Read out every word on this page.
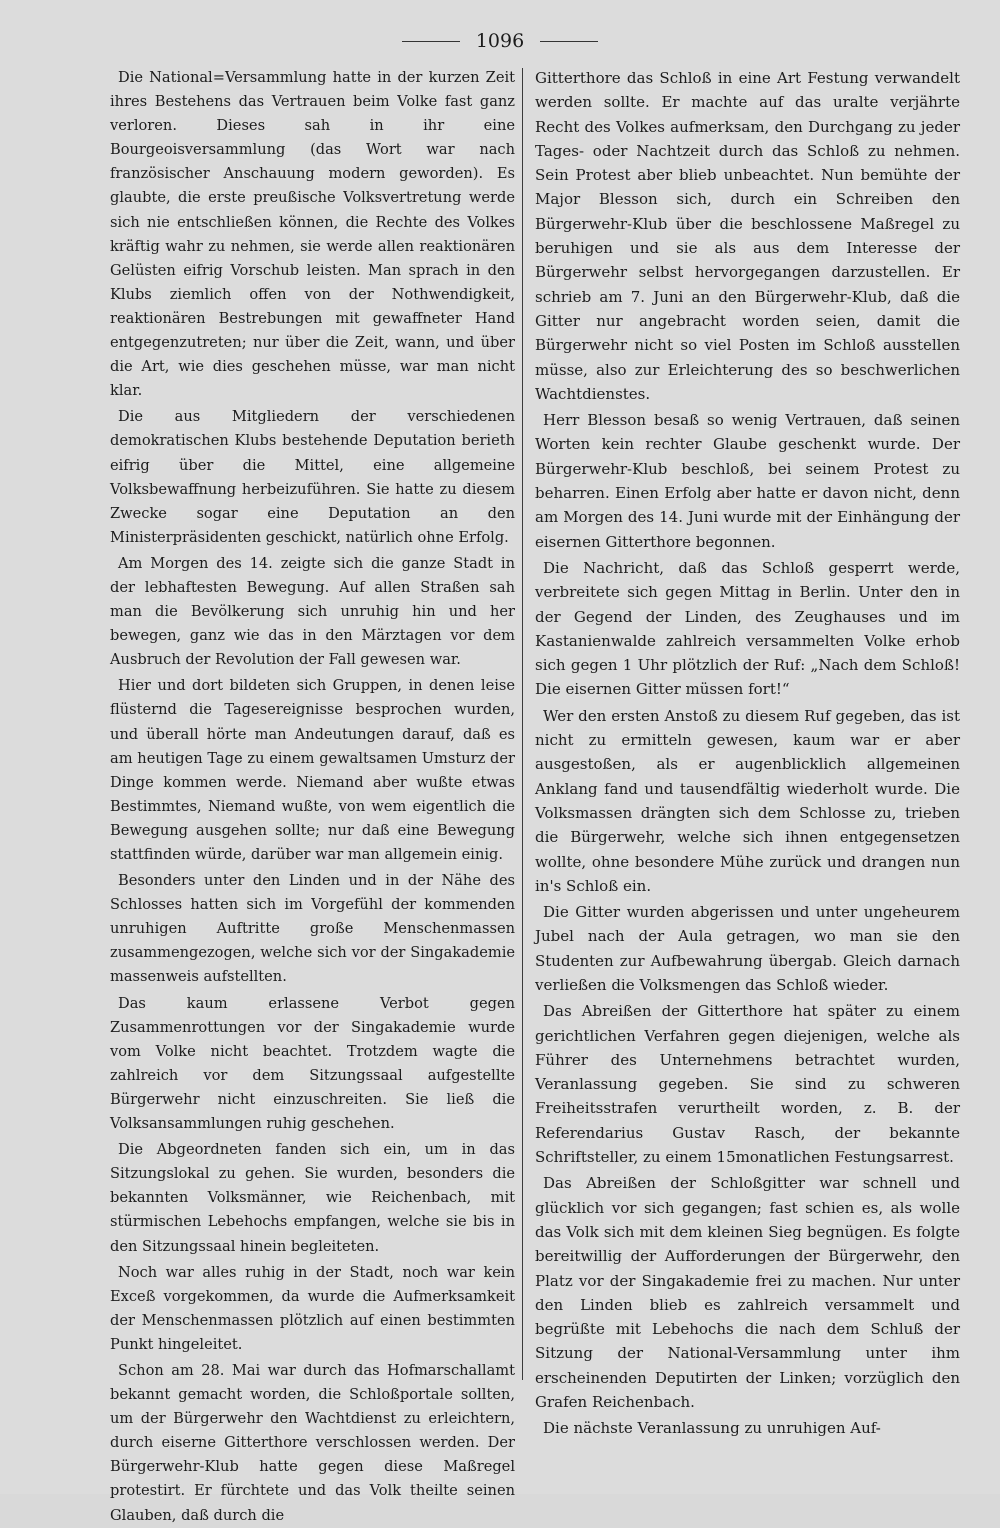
1096

Die National=Versammlung hatte in der kurzen Zeit ihres Bestehens das Vertrauen beim Volke fast ganz verloren. Dieses sah in ihr eine Bourgeoisversammlung (das Wort war nach französischer Anschauung modern geworden). Es glaubte, die erste preußische Volksvertretung werde sich nie entschließen können, die Rechte des Volkes kräftig wahr zu nehmen, sie werde allen reaktionären Gelüsten eifrig Vorschub leisten. Man sprach in den Klubs ziemlich offen von der Nothwendigkeit, reaktionären Bestrebungen mit gewaffneter Hand entgegenzutreten; nur über die Zeit, wann, und über die Art, wie dies geschehen müsse, war man nicht klar.

Die aus Mitgliedern der verschiedenen demokratischen Klubs bestehende Deputation berieth eifrig über die Mittel, eine allgemeine Volksbewaffnung herbeizuführen. Sie hatte zu diesem Zwecke sogar eine Deputation an den Ministerpräsidenten geschickt, natürlich ohne Erfolg.

Am Morgen des 14. zeigte sich die ganze Stadt in der lebhaftesten Bewegung. Auf allen Straßen sah man die Bevölkerung sich unruhig hin und her bewegen, ganz wie das in den Märztagen vor dem Ausbruch der Revolution der Fall gewesen war.

Hier und dort bildeten sich Gruppen, in denen leise flüsternd die Tagesereignisse besprochen wurden, und überall hörte man Andeutungen darauf, daß es am heutigen Tage zu einem gewaltsamen Umsturz der Dinge kommen werde. Niemand aber wußte etwas Bestimmtes, Niemand wußte, von wem eigentlich die Bewegung ausgehen sollte; nur daß eine Bewegung stattfinden würde, darüber war man allgemein einig.

Besonders unter den Linden und in der Nähe des Schlosses hatten sich im Vorgefühl der kommenden unruhigen Auftritte große Menschenmassen zusammengezogen, welche sich vor der Singakademie massenweis aufstellten.

Das kaum erlassene Verbot gegen Zusammenrottungen vor der Singakademie wurde vom Volke nicht beachtet. Trotzdem wagte die zahlreich vor dem Sitzungssaal aufgestellte Bürgerwehr nicht einzuschreiten. Sie ließ die Volksansammlungen ruhig geschehen.

Die Abgeordneten fanden sich ein, um in das Sitzungslokal zu gehen. Sie wurden, besonders die bekannten Volksmänner, wie Reichenbach, mit stürmischen Lebehochs empfangen, welche sie bis in den Sitzungssaal hinein begleiteten.

Noch war alles ruhig in der Stadt, noch war kein Exceß vorgekommen, da wurde die Aufmerksamkeit der Menschenmassen plötzlich auf einen bestimmten Punkt hingeleitet.

Schon am 28. Mai war durch das Hofmarschallamt bekannt gemacht worden, die Schloßportale sollten, um der Bürgerwehr den Wachtdienst zu erleichtern, durch eiserne Gitterthore verschlossen werden. Der Bürgerwehr-Klub hatte gegen diese Maßregel protestirt. Er fürchtete und das Volk theilte seinen Glauben, daß durch die

Gitterthore das Schloß in eine Art Festung verwandelt werden sollte. Er machte auf das uralte verjährte Recht des Volkes aufmerksam, den Durchgang zu jeder Tages- oder Nachtzeit durch das Schloß zu nehmen. Sein Protest aber blieb unbeachtet. Nun bemühte der Major Blesson sich, durch ein Schreiben den Bürgerwehr-Klub über die beschlossene Maßregel zu beruhigen und sie als aus dem Interesse der Bürgerwehr selbst hervorgegangen darzustellen. Er schrieb am 7. Juni an den Bürgerwehr-Klub, daß die Gitter nur angebracht worden seien, damit die Bürgerwehr nicht so viel Posten im Schloß ausstellen müsse, also zur Erleichterung des so beschwerlichen Wachtdienstes.

Herr Blesson besaß so wenig Vertrauen, daß seinen Worten kein rechter Glaube geschenkt wurde. Der Bürgerwehr-Klub beschloß, bei seinem Protest zu beharren. Einen Erfolg aber hatte er davon nicht, denn am Morgen des 14. Juni wurde mit der Einhängung der eisernen Gitterthore begonnen.

Die Nachricht, daß das Schloß gesperrt werde, verbreitete sich gegen Mittag in Berlin. Unter den in der Gegend der Linden, des Zeughauses und im Kastanienwalde zahlreich versammelten Volke erhob sich gegen 1 Uhr plötzlich der Ruf: „Nach dem Schloß! Die eisernen Gitter müssen fort!“

Wer den ersten Anstoß zu diesem Ruf gegeben, das ist nicht zu ermitteln gewesen, kaum war er aber ausgestoßen, als er augenblicklich allgemeinen Anklang fand und tausendfältig wiederholt wurde. Die Volksmassen drängten sich dem Schlosse zu, trieben die Bürgerwehr, welche sich ihnen entgegensetzen wollte, ohne besondere Mühe zurück und drangen nun in's Schloß ein.

Die Gitter wurden abgerissen und unter ungeheurem Jubel nach der Aula getragen, wo man sie den Studenten zur Aufbewahrung übergab. Gleich darnach verließen die Volksmengen das Schloß wieder.

Das Abreißen der Gitterthore hat später zu einem gerichtlichen Verfahren gegen diejenigen, welche als Führer des Unternehmens betrachtet wurden, Veranlassung gegeben. Sie sind zu schweren Freiheitsstrafen verurtheilt worden, z. B. der Referendarius Gustav Rasch, der bekannte Schriftsteller, zu einem 15monatlichen Festungsarrest.

Das Abreißen der Schloßgitter war schnell und glücklich vor sich gegangen; fast schien es, als wolle das Volk sich mit dem kleinen Sieg begnügen. Es folgte bereitwillig der Aufforderungen der Bürgerwehr, den Platz vor der Singakademie frei zu machen. Nur unter den Linden blieb es zahlreich versammelt und begrüßte mit Lebehochs die nach dem Schluß der Sitzung der National-Versammlung unter ihm erscheinenden Deputirten der Linken; vorzüglich den Grafen Reichenbach.

Die nächste Veranlassung zu unruhigen Auf-
